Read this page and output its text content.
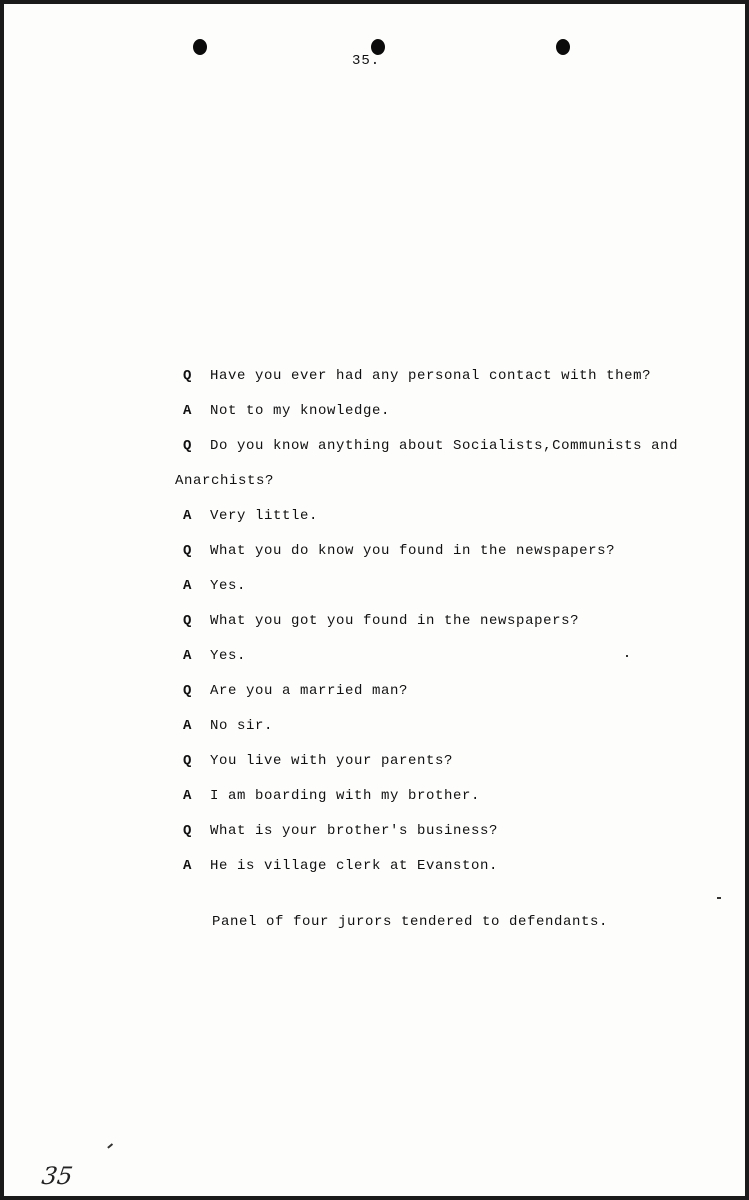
35.

Q Have you ever had any personal contact with them?

A Not to my knowledge.

Q Do you know anything about Socialists,Communists and

Anarchists?

A Very little.

Q What you do know you found in the newspapers?

A Yes.

Q What you got you found in the newspapers?

A Yes.

Q Are you a married man?

A No sir.

Q You live with your parents?

A I am boarding with my brother.

Q What is your brother's business?

A He is village clerk at Evanston.

Panel of four jurors tendered to defendants.
35
